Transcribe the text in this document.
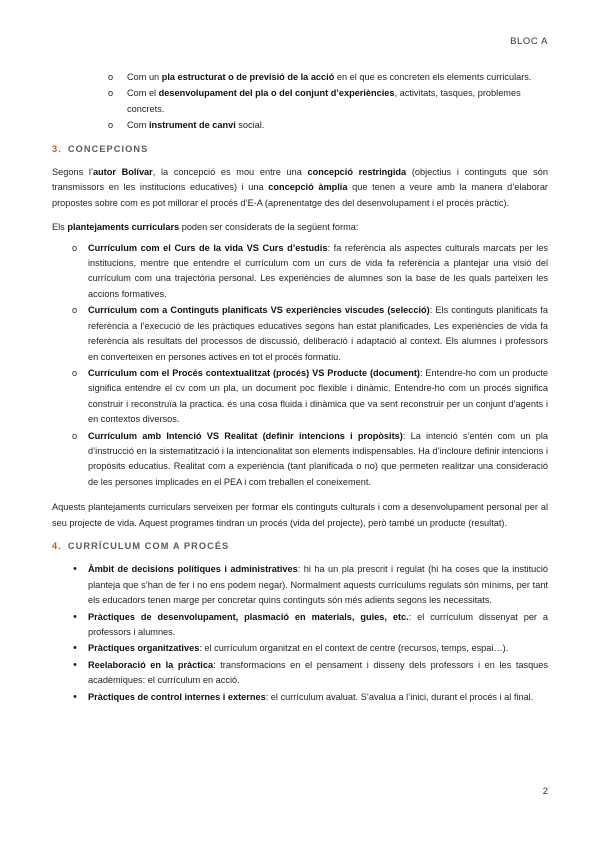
BLOC A
o Com un pla estructurat o de previsió de la acció en el que es concreten els elements curriculars.
o Com el desenvolupament del pla o del conjunt d’experiències, activitats, tasques, problemes concrets.
o Com instrument de canvi social.
3. CONCEPCIONS

Segons l’autor Bolívar, la concepció es mou entre una concepció restringida (objectius i continguts que són transmissors en les institucions educatives) i una concepció àmplia que tenen a veure amb la manera d’elaborar propostes sobre com es pot millorar el procés d’E-A (aprenentatge des del desenvolupament i el procés pràctic).

Els plantejaments curriculars poden ser considerats de la següent forma:

o Currículum com el Curs de la vida VS Curs d’estudis: fa referència als aspectes culturals marcats per les institucions, mentre que entendre el currículum com un curs de vida fa referència a plantejar una visió del currículum com una trajectòria personal. Les experiències de alumnes son la base de les quals parteixen les accions formatives.
o Currículum com a Continguts planificats VS experiències viscudes (selecció): Els continguts planificats fa referència a l’execució de les pràctiques educatives segons han estat planificades. Les experiències de vida fa referència als resultats del processos de discussió, deliberació i adaptació al context. Els alumnes i professors en converteixen en persones actives en tot el procés formatiu.
o Currículum com el Procés contextualitzat (procés) VS Producte (document): Entendre-ho com un producte significa entendre el cv com un pla, un document poc flexible i dinàmic. Entendre-ho com un procés significa construir i reconstruïa la practica. és una cosa fluida i dinàmica que va sent reconstruir per un conjunt d’agents i en contextos diversos.
o Currículum amb Intenció VS Realitat (definir intencions i propòsits): La intenció s’entén com un pla d’instrucció en la sistematització i la intencionalitat son elements indispensables. Ha d’incloure definir intencions i propòsits educatius. Realitat com a experiència (tant planificada o no) que permeten realitzar una consideració de les persones implicades en el PEA i com treballen el coneixement.

Aquests plantejaments curriculars serveixen per formar els continguts culturals i com a desenvolupament personal per al seu projecte de vida. Aquest programes tindran un procés (vida del projecte), però també un producte (resultat).

4. CURRÍCULUM COM A PROCÉS
• Àmbit de decisions polítiques i administratives: hi ha un pla prescrit i regulat (hi ha coses que la institució planteja que s’han de fer i no ens podem negar). Normalment aquests currículums regulats són mínims, per tant els educadors tenen marge per concretar quins continguts són més adients segons les necessitats.
• Pràctiques de desenvolupament, plasmació en materials, guies, etc.: el currículum dissenyat per a professors i alumnes.
• Pràctiques organitzatives: el currículum organitzat en el context de centre (recursos, temps, espai…).
• Reelaboració en la pràctica: transformacions en el pensament i disseny dels professors i en les tasques acadèmiques: el currículum en acció.
• Pràctiques de control internes i externes: el currículum avaluat. S’avalua a l’inici, durant el procés i al final.
2
